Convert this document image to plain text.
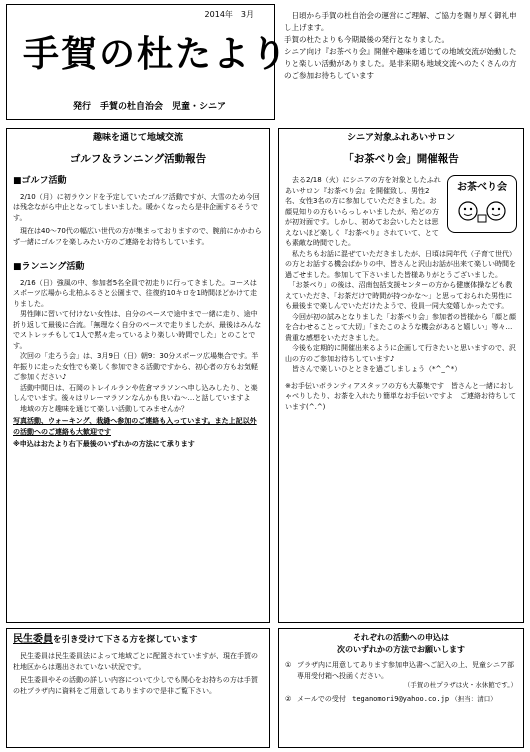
2014年　3月
手賀の杜たより
発行　手賀の杜自治会　児童・シニア

　日頃から手賀の杜自治会の運営にご理解、ご協力を賜り厚く御礼申し上げます。

手賀の杜たよりも今期最後の発行となりました。

シニア向け『お茶べり会』開催や趣味を通じての地域交流が始動したりと楽しい活動がありました。是非来期も地域交流へのたくさんの方のご参加お待ちしています

趣味を通じて地域交流
ゴルフ＆ランニング活動報告
■ゴルフ活動

　2/10（月）に初ラウンドを予定していたゴルフ活動ですが、大雪のため今回は残念ながら中止となってしまいました。暖かくなったら是非企画するそうです。

　現在は40〜70代の幅広い世代の方が集まっておりますので、腕前にかかわらず一緒にゴルフを楽しみたい方のご連絡をお待ちしています。

■ランニング活動

　2/16（日）強風の中、参加者5名全員で初走りに行ってきました。コースはスポーツ広場から北柏ふるさと公園まで、往復約10キロを1時間ほどかけて走りました。

　男性陣に習いて付けない女性は、自分のペースで途中まで一緒に走り、途中折り返して最後に合流。「無理なく自分のペースで走りましたが、最後はみんなでストレッチもして1人で黙々走っているより楽しい時間でした」とのことです。

　次回の「走ろう会」は、3月9日（日）朝9：30分スポーツ広場集合です。半年振りに走った女性でも楽しく参加できる活動ですから、初心者の方もお気軽ご参加ください♪

　活動中間日は、石岡のトレイルランや佐倉マラソンへ申し込みしたり、と楽しんでいます。後々はリレーマラソンなんかも良いね〜…と話していますよ

　地域の方と趣味を通じて楽しい活動してみませんか？

写真活動、ウォーキング、栽縫へ参加のご連絡も入っています。また上記以外の活動へのご連絡も大歓迎です

※申込はおたより右下最後のいずれかの方法にて承ります

シニア対象ふれあいサロン
「お茶べり会」開催報告
お茶べり会

　去る2/18（火）にシニアの方を対象としたふれあいサロン『お茶べり会』を開催致し、男性2名、女性3名の方に参加していただきました。お顔見知りの方もいらっしゃいましたが、殆どの方が初対面です。しかし、初めてお会いしたとは思えないほど楽しく『お茶べり』されていて、とても素敵な時間でした。

　私たちもお話に混ぜていただきましたが、日頃は同年代（子育て世代）の方とお話する機会ばかりの中、皆さんと沢山お話が出来て楽しい時間を過ごせました。参加して下さいました皆様ありがとうございました。

　「お茶べり」の後は、沼南包括支援センターの方から健康体操なども教えていただき、「お茶だけで時間が持つかな〜」と思っておられた男性にも最後まで楽しんでいただけたようで、役員一同大変嬉しかったです。

　今回が初の試みとなりました「お茶べり会」参加者の皆様から「顔と顔を合わせることって大切」「またこのような機会があると嬉しい」等々…貴重な感想をいただきました。

　今後も定期的に開催出来るように企画して行きたいと思いますので、沢山の方のご参加お待ちしています♪

　皆さんで楽しいひとときを過ごしましょう（*^_^*）

※お手伝いボランティアスタッフの方も大募集です　皆さんと一緒におしゃべりしたり、お茶を入れたり簡単なお手伝いですよ　ご連絡お待ちしています(^.^)

民生委員を引き受けて下さる方を探しています

　民生委員は民生委員法によって地域ごとに配置されていますが、現在手賀の杜地区からは選出されていない状況です。

　民生委員やその活動の詳しい内容について少しでも関心をお持ちの方は手賀の杜プラザ内に資料をご用意してありますので是非ご覧下さい。

それぞれの活動への申込は
次のいずれかの方法でお願いします
① プラザ内に用意してあります参加申込書へご記入の上、児童シニア部専用受付箱へ投函ください。
（手賀の杜プラザは火・水休館です。）
② メールでの受付 teganomori9@yahoo.co.jp （担当：清口）
